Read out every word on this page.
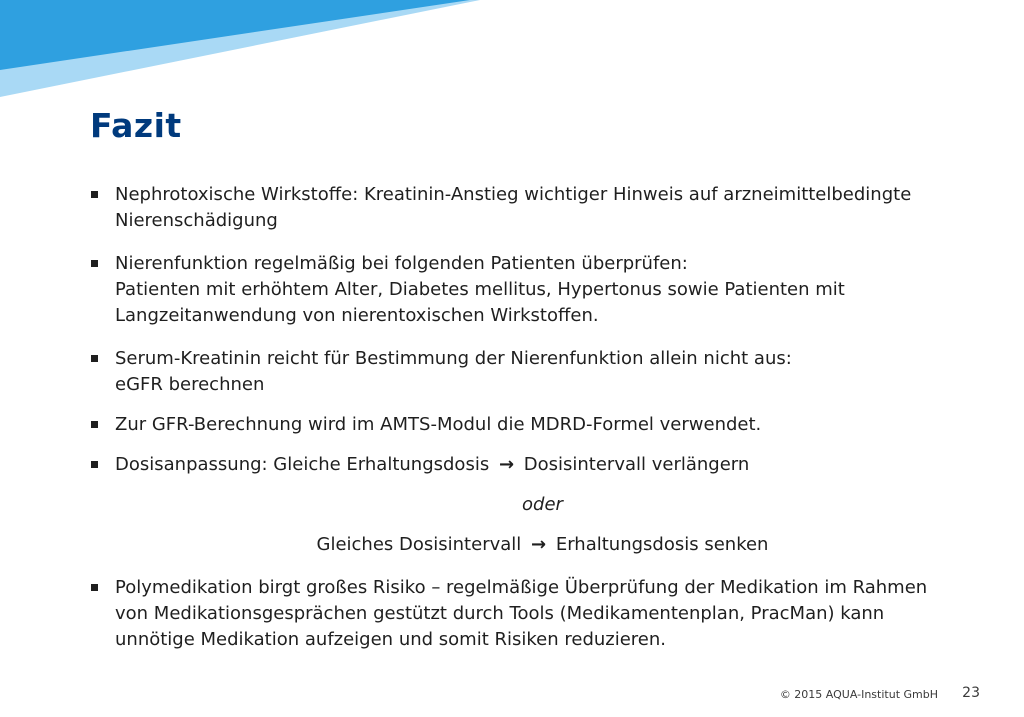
Fazit
Nephrotoxische Wirkstoffe: Kreatinin-Anstieg wichtiger Hinweis auf arzneimittelbedingte
Nierenschädigung
Nierenfunktion regelmäßig bei folgenden Patienten überprüfen:
Patienten mit erhöhtem Alter, Diabetes mellitus, Hypertonus sowie Patienten mit
Langzeitanwendung von nierentoxischen Wirkstoffen.
Serum-Kreatinin reicht für Bestimmung der Nierenfunktion allein nicht aus:
eGFR berechnen
Zur GFR-Berechnung wird im AMTS-Modul die MDRD-Formel verwendet.
Dosisanpassung: Gleiche Erhaltungsdosis → Dosisintervall verlängern
oder
Gleiches Dosisintervall → Erhaltungsdosis senken
Polymedikation birgt großes Risiko – regelmäßige Überprüfung der Medikation im Rahmen
von Medikationsgesprächen gestützt durch Tools (Medikamentenplan, PracMan) kann
unnötige Medikation aufzeigen und somit Risiken reduzieren.
© 2015 AQUA-Institut GmbH 23
